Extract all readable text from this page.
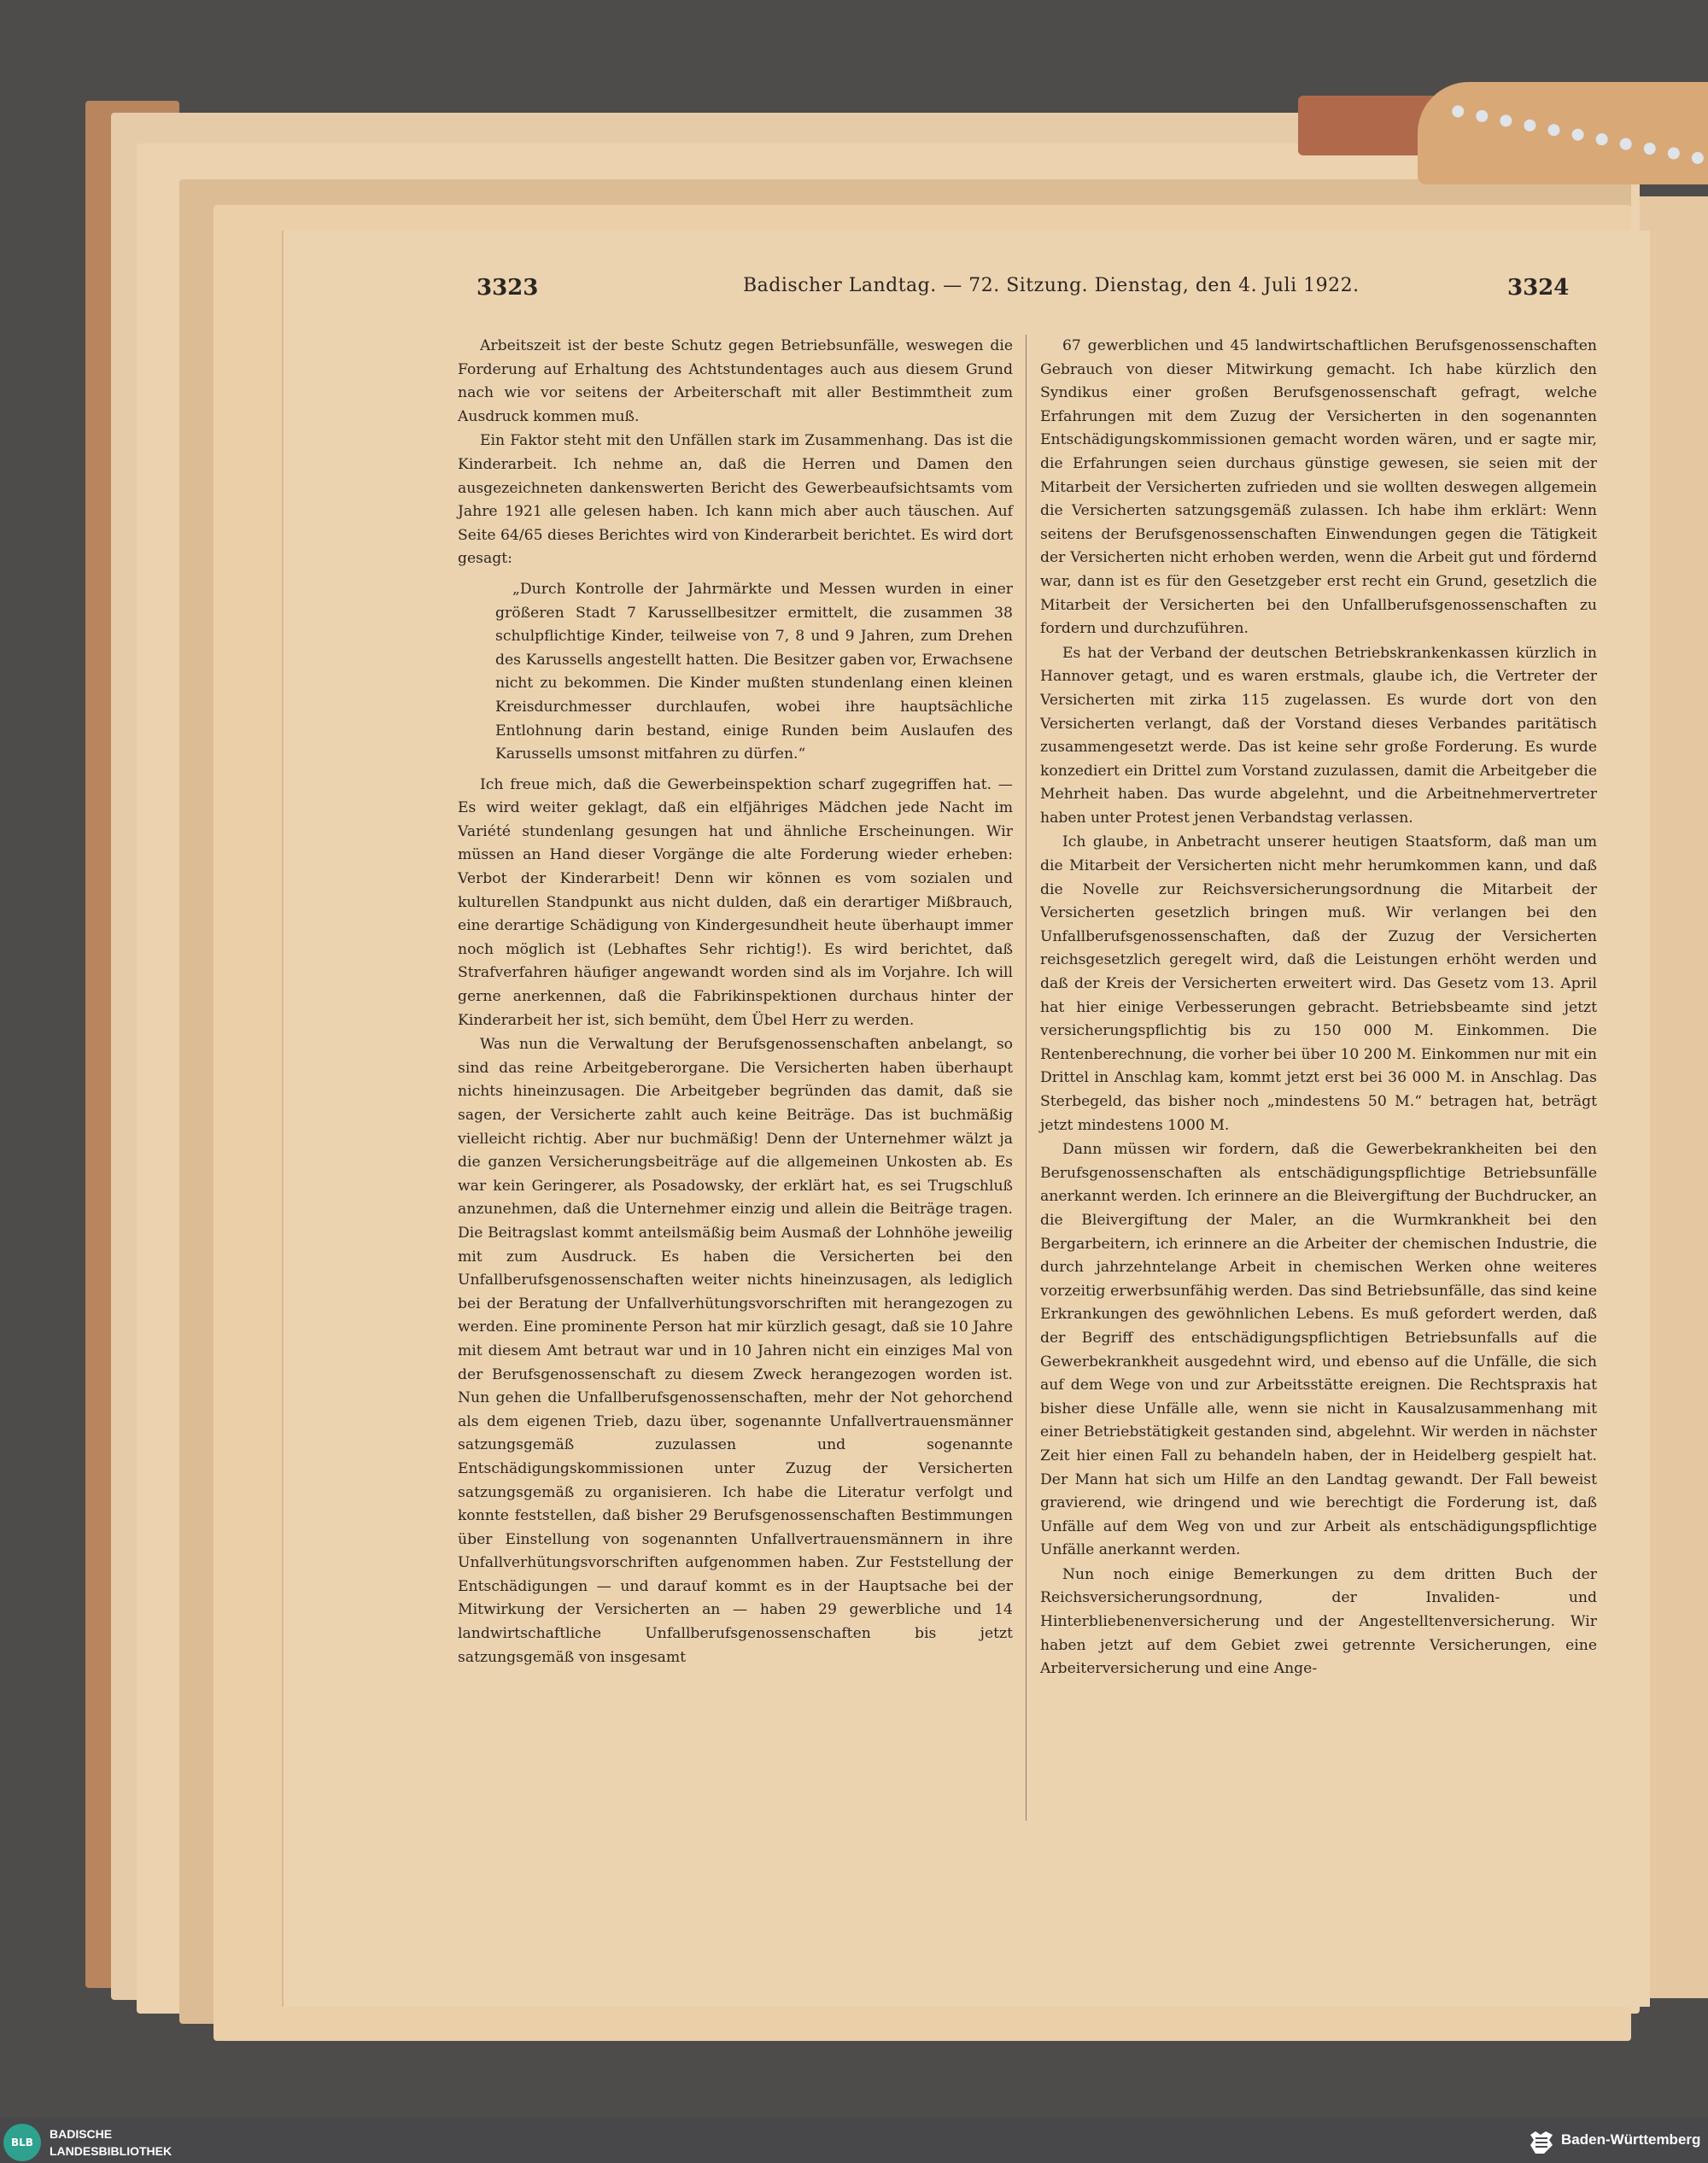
3323	Badischer Landtag. — 72. Sitzung. Dienstag, den 4. Juli 1922.	3324

Arbeitszeit ist der beste Schutz gegen Betriebsunfälle, weswegen die Forderung auf Erhaltung des Achtstundentages auch aus diesem Grund nach wie vor seitens der Arbeiterschaft mit aller Bestimmtheit zum Ausdruck kommen muß.

Ein Faktor steht mit den Unfällen stark im Zusammenhang. Das ist die Kinderarbeit. Ich nehme an, daß die Herren und Damen den ausgezeichneten dankenswerten Bericht des Gewerbeaufsichtsamts vom Jahre 1921 alle gelesen haben. Ich kann mich aber auch täuschen. Auf Seite 64/65 dieses Berichtes wird von Kinderarbeit berichtet. Es wird dort gesagt:

„Durch Kontrolle der Jahrmärkte und Messen wurden in einer größeren Stadt 7 Karussellbesitzer ermittelt, die zusammen 38 schulpflichtige Kinder, teilweise von 7, 8 und 9 Jahren, zum Drehen des Karussells angestellt hatten. Die Besitzer gaben vor, Erwachsene nicht zu bekommen. Die Kinder mußten stundenlang einen kleinen Kreisdurchmesser durchlaufen, wobei ihre hauptsächliche Entlohnung darin bestand, einige Runden beim Auslaufen des Karussells umsonst mitfahren zu dürfen.“

Ich freue mich, daß die Gewerbeinspektion scharf zugegriffen hat. — Es wird weiter geklagt, daß ein elfjähriges Mädchen jede Nacht im Variété stundenlang gesungen hat und ähnliche Erscheinungen. Wir müssen an Hand dieser Vorgänge die alte Forderung wieder erheben: Verbot der Kinderarbeit! Denn wir können es vom sozialen und kulturellen Standpunkt aus nicht dulden, daß ein derartiger Mißbrauch, eine derartige Schädigung von Kindergesundheit heute überhaupt immer noch möglich ist (Lebhaftes Sehr richtig!). Es wird berichtet, daß Strafverfahren häufiger angewandt worden sind als im Vorjahre. Ich will gerne anerkennen, daß die Fabrikinspektionen durchaus hinter der Kinderarbeit her ist, sich bemüht, dem Übel Herr zu werden.

Was nun die Verwaltung der Berufsgenossenschaften anbelangt, so sind das reine Arbeitgeberorgane. Die Versicherten haben überhaupt nichts hineinzusagen. Die Arbeitgeber begründen das damit, daß sie sagen, der Versicherte zahlt auch keine Beiträge. Das ist buchmäßig vielleicht richtig. Aber nur buchmäßig! Denn der Unternehmer wälzt ja die ganzen Versicherungsbeiträge auf die allgemeinen Unkosten ab. Es war kein Geringerer, als Posadowsky, der erklärt hat, es sei Trugschluß anzunehmen, daß die Unternehmer einzig und allein die Beiträge tragen. Die Beitragslast kommt anteilsmäßig beim Ausmaß der Lohnhöhe jeweilig mit zum Ausdruck. Es haben die Versicherten bei den Unfallberufsgenossenschaften weiter nichts hineinzusagen, als lediglich bei der Beratung der Unfallverhütungsvorschriften mit herangezogen zu werden. Eine prominente Person hat mir kürzlich gesagt, daß sie 10 Jahre mit diesem Amt betraut war und in 10 Jahren nicht ein einziges Mal von der Berufsgenossenschaft zu diesem Zweck herangezogen worden ist. Nun gehen die Unfallberufsgenossenschaften, mehr der Not gehorchend als dem eigenen Trieb, dazu über, sogenannte Unfallvertrauensmänner satzungsgemäß zuzulassen und sogenannte Entschädigungskommissionen unter Zuzug der Versicherten satzungsgemäß zu organisieren. Ich habe die Literatur verfolgt und konnte feststellen, daß bisher 29 Berufsgenossenschaften Bestimmungen über Einstellung von sogenannten Unfallvertrauensmännern in ihre Unfallverhütungsvorschriften aufgenommen haben. Zur Feststellung der Entschädigungen — und darauf kommt es in der Hauptsache bei der Mitwirkung der Versicherten an — haben 29 gewerbliche und 14 landwirtschaftliche Unfallberufsgenossenschaften bis jetzt satzungsgemäß von insgesamt

67 gewerblichen und 45 landwirtschaftlichen Berufsgenossenschaften Gebrauch von dieser Mitwirkung gemacht. Ich habe kürzlich den Syndikus einer großen Berufsgenossenschaft gefragt, welche Erfahrungen mit dem Zuzug der Versicherten in den sogenannten Entschädigungskommissionen gemacht worden wären, und er sagte mir, die Erfahrungen seien durchaus günstige gewesen, sie seien mit der Mitarbeit der Versicherten zufrieden und sie wollten deswegen allgemein die Versicherten satzungsgemäß zulassen. Ich habe ihm erklärt: Wenn seitens der Berufsgenossenschaften Einwendungen gegen die Tätigkeit der Versicherten nicht erhoben werden, wenn die Arbeit gut und fördernd war, dann ist es für den Gesetzgeber erst recht ein Grund, gesetzlich die Mitarbeit der Versicherten bei den Unfallberufsgenossenschaften zu fordern und durchzuführen.

Es hat der Verband der deutschen Betriebskrankenkassen kürzlich in Hannover getagt, und es waren erstmals, glaube ich, die Vertreter der Versicherten mit zirka 115 zugelassen. Es wurde dort von den Versicherten verlangt, daß der Vorstand dieses Verbandes paritätisch zusammengesetzt werde. Das ist keine sehr große Forderung. Es wurde konzediert ein Drittel zum Vorstand zuzulassen, damit die Arbeitgeber die Mehrheit haben. Das wurde abgelehnt, und die Arbeitnehmervertreter haben unter Protest jenen Verbandstag verlassen.

Ich glaube, in Anbetracht unserer heutigen Staatsform, daß man um die Mitarbeit der Versicherten nicht mehr herumkommen kann, und daß die Novelle zur Reichsversicherungsordnung die Mitarbeit der Versicherten gesetzlich bringen muß. Wir verlangen bei den Unfallberufsgenossenschaften, daß der Zuzug der Versicherten reichsgesetzlich geregelt wird, daß die Leistungen erhöht werden und daß der Kreis der Versicherten erweitert wird. Das Gesetz vom 13. April hat hier einige Verbesserungen gebracht. Betriebsbeamte sind jetzt versicherungspflichtig bis zu 150 000 M. Einkommen. Die Rentenberechnung, die vorher bei über 10 200 M. Einkommen nur mit ein Drittel in Anschlag kam, kommt jetzt erst bei 36 000 M. in Anschlag. Das Sterbegeld, das bisher noch „mindestens 50 M.“ betragen hat, beträgt jetzt mindestens 1000 M.

Dann müssen wir fordern, daß die Gewerbekrankheiten bei den Berufsgenossenschaften als entschädigungspflichtige Betriebsunfälle anerkannt werden. Ich erinnere an die Bleivergiftung der Buchdrucker, an die Bleivergiftung der Maler, an die Wurmkrankheit bei den Bergarbeitern, ich erinnere an die Arbeiter der chemischen Industrie, die durch jahrzehntelange Arbeit in chemischen Werken ohne weiteres vorzeitig erwerbsunfähig werden. Das sind Betriebsunfälle, das sind keine Erkrankungen des gewöhnlichen Lebens. Es muß gefordert werden, daß der Begriff des entschädigungspflichtigen Betriebsunfalls auf die Gewerbekrankheit ausgedehnt wird, und ebenso auf die Unfälle, die sich auf dem Wege von und zur Arbeitsstätte ereignen. Die Rechtspraxis hat bisher diese Unfälle alle, wenn sie nicht in Kausalzusammenhang mit einer Betriebstätigkeit gestanden sind, abgelehnt. Wir werden in nächster Zeit hier einen Fall zu behandeln haben, der in Heidelberg gespielt hat. Der Mann hat sich um Hilfe an den Landtag gewandt. Der Fall beweist gravierend, wie dringend und wie berechtigt die Forderung ist, daß Unfälle auf dem Weg von und zur Arbeit als entschädigungspflichtige Unfälle anerkannt werden.

Nun noch einige Bemerkungen zu dem dritten Buch der Reichsversicherungsordnung, der Invaliden- und Hinterbliebenenversicherung und der Angestelltenversicherung. Wir haben jetzt auf dem Gebiet zwei getrennte Versicherungen, eine Arbeiterversicherung und eine Ange-

BLB
BADISCHE
LANDESBIBLIOTHEK
Baden-Württemberg
